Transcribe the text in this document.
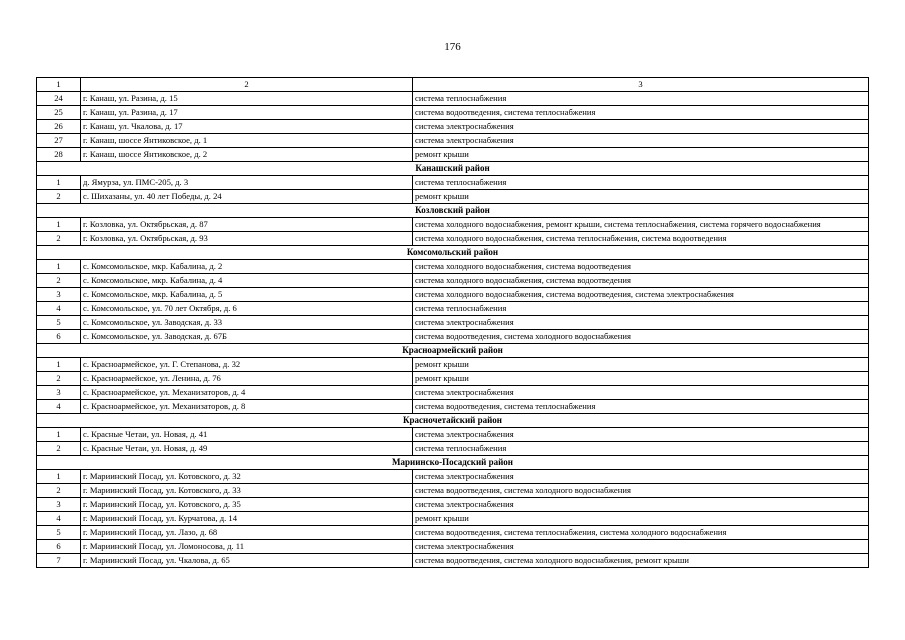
176
1	2	3
24	г. Канаш, ул. Разина, д. 15	система теплоснабжения
25	г. Канаш, ул. Разина, д. 17	система водоотведения, система теплоснабжения
26	г. Канаш, ул. Чкалова, д. 17	система электроснабжения
27	г. Канаш, шоссе Янтиковское, д. 1	система электроснабжения
28	г. Канаш, шоссе Янтиковское, д. 2	ремонт крыши
Канашский район		
1	д. Ямурза, ул. ПМС-205, д. 3	система теплоснабжения
2	с. Шихазаны, ул. 40 лет Победы, д. 24	ремонт крыши
Козловский район		
1	г. Козловка, ул. Октябрьская, д. 87	система холодного водоснабжения, ремонт крыши, система теплоснабжения, система горячего водоснабжения
2	г. Козловка, ул. Октябрьская, д. 93	система холодного водоснабжения, система теплоснабжения, система водоотведения
Комсомольский район		
1	с. Комсомольское, мкр. Кабалина, д. 2	система холодного водоснабжения, система водоотведения
2	с. Комсомольское, мкр. Кабалина, д. 4	система холодного водоснабжения, система водоотведения
3	с. Комсомольское, мкр. Кабалина, д. 5	система холодного водоснабжения, система водоотведения, система электроснабжения
4	с. Комсомольское, ул. 70 лет Октября, д. 6	система теплоснабжения
5	с. Комсомольское, ул. Заводская, д. 33	система электроснабжения
6	с. Комсомольское, ул. Заводская, д. 67Б	система водоотведения, система холодного водоснабжения
Красноармейский район		
1	с. Красноармейское, ул. Г. Степанова, д. 32	ремонт крыши
2	с. Красноармейское, ул. Ленина, д. 76	ремонт крыши
3	с. Красноармейское, ул. Механизаторов, д. 4	система электроснабжения
4	с. Красноармейское, ул. Механизаторов, д. 8	система водоотведения, система теплоснабжения
Красночетайский район		
1	с. Красные Четаи, ул. Новая, д. 41	система электроснабжения
2	с. Красные Четаи, ул. Новая, д. 49	система теплоснабжения
Мариинско-Посадский район		
1	г. Мариинский Посад, ул. Котовского, д. 32	система электроснабжения
2	г. Мариинский Посад, ул. Котовского, д. 33	система водоотведения, система холодного водоснабжения
3	г. Мариинский Посад, ул. Котовского, д. 35	система электроснабжения
4	г. Мариинский Посад, ул. Курчатова, д. 14	ремонт крыши
5	г. Мариинский Посад, ул. Лазо, д. 68	система водоотведения, система теплоснабжения, система холодного водоснабжения
6	г. Мариинский Посад, ул. Ломоносова, д. 11	система электроснабжения
7	г. Мариинский Посад, ул. Чкалова, д. 65	система водоотведения, система холодного водоснабжения, ремонт крыши
